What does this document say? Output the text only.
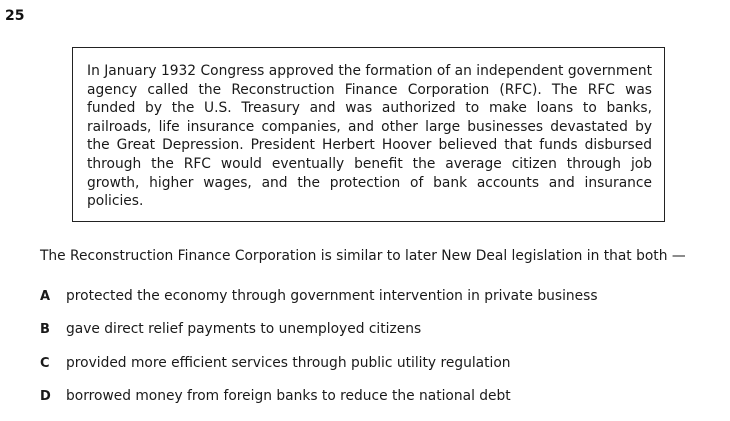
25

In January 1932 Congress approved the formation of an independent government agency called the Reconstruction Finance Corporation (RFC). The RFC was funded by the U.S. Treasury and was authorized to make loans to banks, railroads, life insurance companies, and other large businesses devastated by the Great Depression. President Herbert Hoover believed that funds disbursed through the RFC would eventually benefit the average citizen through job growth, higher wages, and the protection of bank accounts and insurance policies.

The Reconstruction Finance Corporation is similar to later New Deal legislation in that both —

A protected the economy through government intervention in private business

B gave direct relief payments to unemployed citizens

C provided more efficient services through public utility regulation

D borrowed money from foreign banks to reduce the national debt
